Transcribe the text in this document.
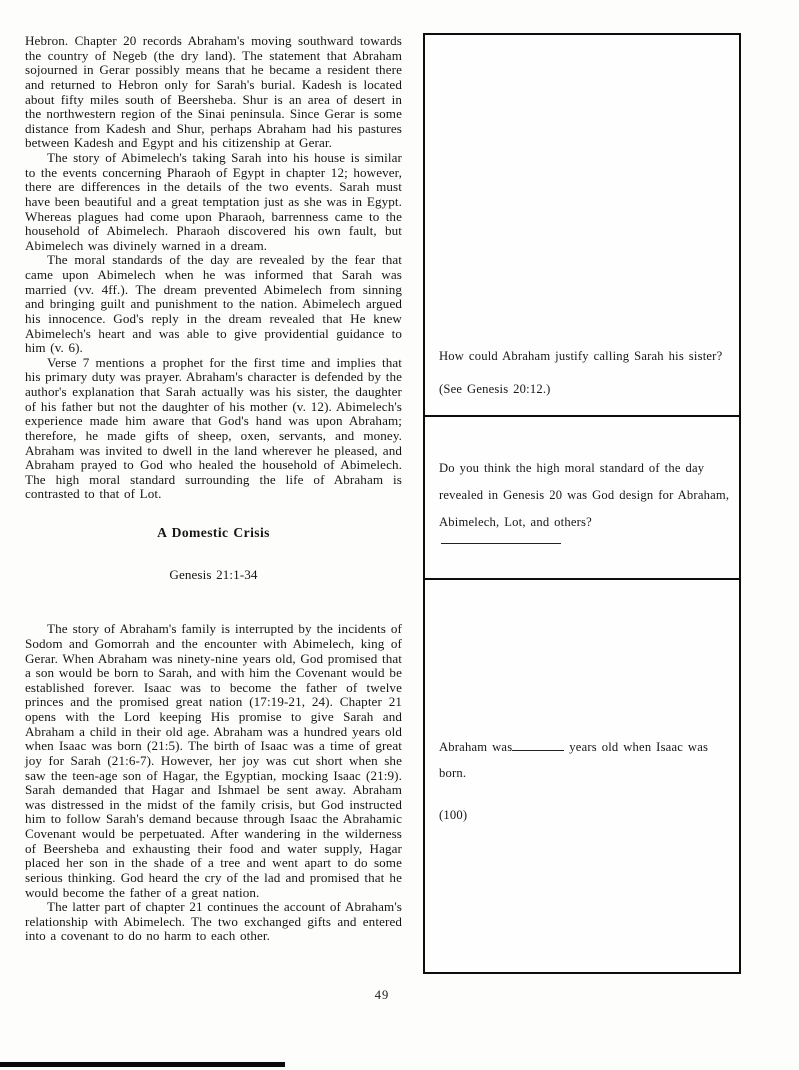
Hebron. Chapter 20 records Abraham's moving southward towards the country of Negeb (the dry land). The statement that Abraham sojourned in Gerar possibly means that he became a resident there and returned to Hebron only for Sarah's burial. Kadesh is located about fifty miles south of Beersheba. Shur is an area of desert in the northwestern region of the Sinai peninsula. Since Gerar is some distance from Kadesh and Shur, perhaps Abraham had his pastures between Kadesh and Egypt and his citizenship at Gerar.

The story of Abimelech's taking Sarah into his house is similar to the events concerning Pharaoh of Egypt in chapter 12; however, there are differences in the details of the two events. Sarah must have been beautiful and a great temptation just as she was in Egypt. Whereas plagues had come upon Pharaoh, barrenness came to the household of Abimelech. Pharaoh discovered his own fault, but Abimelech was divinely warned in a dream.

The moral standards of the day are revealed by the fear that came upon Abimelech when he was informed that Sarah was married (vv. 4ff.). The dream prevented Abimelech from sinning and bringing guilt and punishment to the nation. Abimelech argued his innocence. God's reply in the dream revealed that He knew Abimelech's heart and was able to give providential guidance to him (v. 6).

Verse 7 mentions a prophet for the first time and implies that his primary duty was prayer. Abraham's character is defended by the author's explanation that Sarah actually was his sister, the daughter of his father but not the daughter of his mother (v. 12). Abimelech's experience made him aware that God's hand was upon Abraham; therefore, he made gifts of sheep, oxen, servants, and money. Abraham was invited to dwell in the land wherever he pleased, and Abraham prayed to God who healed the household of Abimelech. The high moral standard surrounding the life of Abraham is contrasted to that of Lot.

A Domestic Crisis
Genesis 21:1-34

The story of Abraham's family is interrupted by the incidents of Sodom and Gomorrah and the encounter with Abimelech, king of Gerar. When Abraham was ninety-nine years old, God promised that a son would be born to Sarah, and with him the Covenant would be established forever. Isaac was to become the father of twelve princes and the promised great nation (17:19-21, 24). Chapter 21 opens with the Lord keeping His promise to give Sarah and Abraham a child in their old age. Abraham was a hundred years old when Isaac was born (21:5). The birth of Isaac was a time of great joy for Sarah (21:6-7). However, her joy was cut short when she saw the teen-age son of Hagar, the Egyptian, mocking Isaac (21:9). Sarah demanded that Hagar and Ishmael be sent away. Abraham was distressed in the midst of the family crisis, but God instructed him to follow Sarah's demand because through Isaac the Abrahamic Covenant would be perpetuated. After wandering in the wilderness of Beersheba and exhausting their food and water supply, Hagar placed her son in the shade of a tree and went apart to do some serious thinking. God heard the cry of the lad and promised that he would become the father of a great nation.

The latter part of chapter 21 continues the account of Abraham's relationship with Abimelech. The two exchanged gifts and entered into a covenant to do no harm to each other.

How could Abraham justify calling Sarah his sister?
(See Genesis 20:12.)
Do you think the high moral standard of the day
revealed in Genesis 20 was God design for Abraham,
Abimelech, Lot, and others?
Abraham was	years old when Isaac was
born.
(100)
49
